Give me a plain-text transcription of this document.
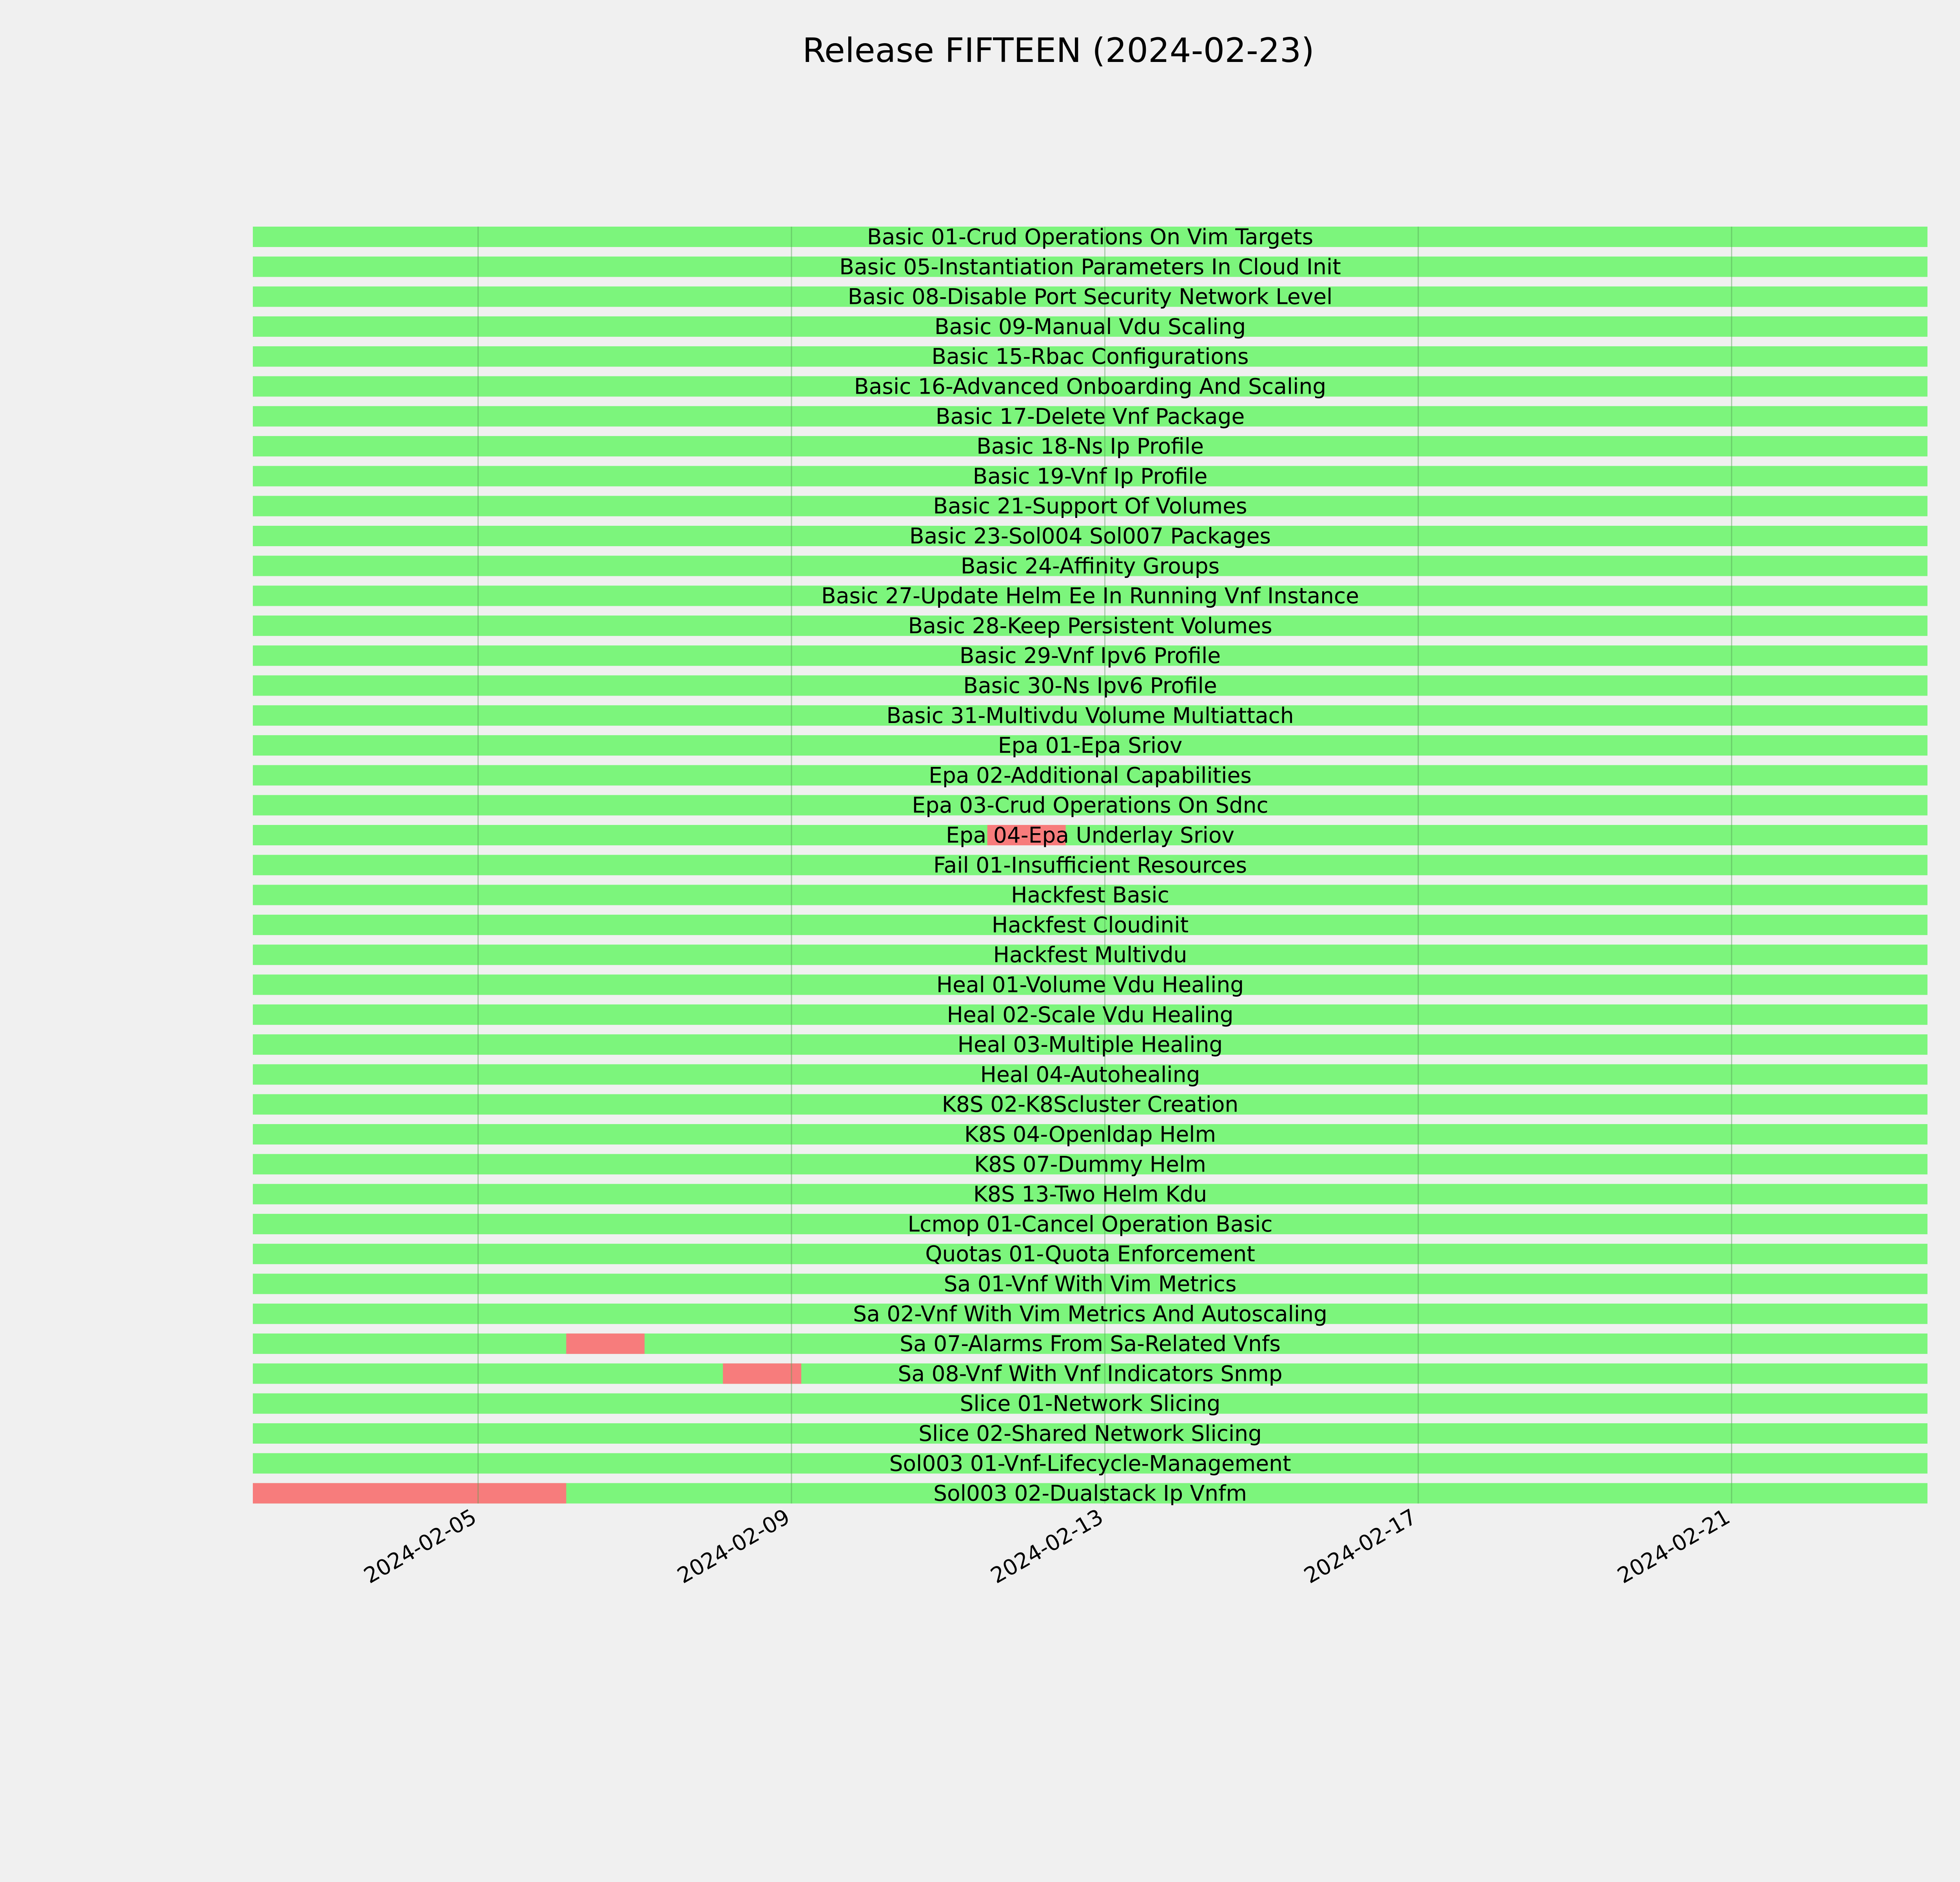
Release FIFTEEN (2024-02-23)
Basic 01-Crud Operations On Vim Targets
Basic 05-Instantiation Parameters In Cloud Init
Basic 08-Disable Port Security Network Level
Basic 09-Manual Vdu Scaling
Basic 15-Rbac Configurations
Basic 16-Advanced Onboarding And Scaling
Basic 17-Delete Vnf Package
Basic 18-Ns Ip Profile
Basic 19-Vnf Ip Profile
Basic 21-Support Of Volumes
Basic 23-Sol004 Sol007 Packages
Basic 24-Affinity Groups
Basic 27-Update Helm Ee In Running Vnf Instance
Basic 28-Keep Persistent Volumes
Basic 29-Vnf Ipv6 Profile
Basic 30-Ns Ipv6 Profile
Basic 31-Multivdu Volume Multiattach
Epa 01-Epa Sriov
Epa 02-Additional Capabilities
Epa 03-Crud Operations On Sdnc
Epa 04-Epa Underlay Sriov
Fail 01-Insufficient Resources
Hackfest Basic
Hackfest Cloudinit
Hackfest Multivdu
Heal 01-Volume Vdu Healing
Heal 02-Scale Vdu Healing
Heal 03-Multiple Healing
Heal 04-Autohealing
K8S 02-K8Scluster Creation
K8S 04-Openldap Helm
K8S 07-Dummy Helm
K8S 13-Two Helm Kdu
Lcmop 01-Cancel Operation Basic
Quotas 01-Quota Enforcement
Sa 01-Vnf With Vim Metrics
Sa 02-Vnf With Vim Metrics And Autoscaling
Sa 07-Alarms From Sa-Related Vnfs
Sa 08-Vnf With Vnf Indicators Snmp
Slice 01-Network Slicing
Slice 02-Shared Network Slicing
Sol003 01-Vnf-Lifecycle-Management
Sol003 02-Dualstack Ip Vnfm
2024-02-05	2024-02-09	2024-02-13	2024-02-17	2024-02-21
